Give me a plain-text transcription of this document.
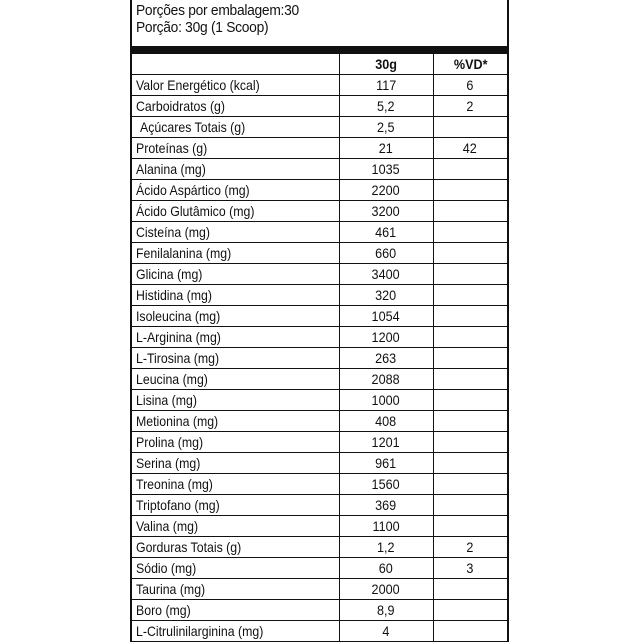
Porções por embalagem:30
Porção: 30g (1 Scoop)
	30g	%VD*
Valor Energético (kcal)	117	6
Carboidratos (g)	5,2	2
Açúcares Totais (g)	2,5	
Proteínas (g)	21	42
Alanina (mg)	1035	
Ácido Aspártico (mg)	2200	
Ácido Glutâmico (mg)	3200	
Cisteína (mg)	461	
Fenilalanina (mg)	660	
Glicina (mg)	3400	
Histidina (mg)	320	
Isoleucina (mg)	1054	
L-Arginina (mg)	1200	
L-Tirosina (mg)	263	
Leucina (mg)	2088	
Lisina (mg)	1000	
Metionina (mg)	408	
Prolina (mg)	1201	
Serina (mg)	961	
Treonina (mg)	1560	
Triptofano (mg)	369	
Valina (mg)	1100	
Gorduras Totais (g)	1,2	2
Sódio (mg)	60	3
Taurina (mg)	2000	
Boro (mg)	8,9	
L-Citrulinilarginina (mg)	4	
